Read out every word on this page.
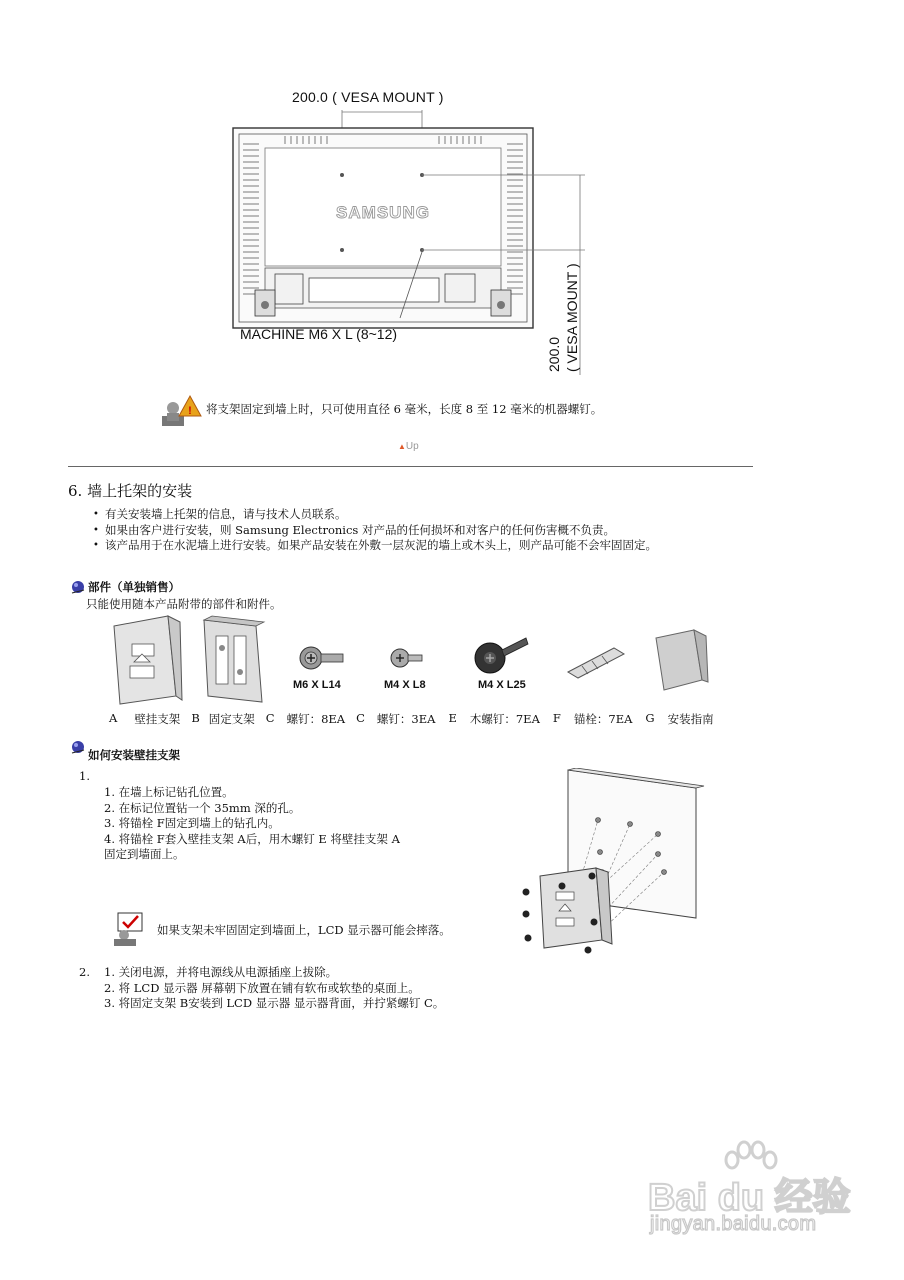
200.0 ( VESA MOUNT )
SAMSUNG
200.0 ( VESA MOUNT )
MACHINE M6 X L (8~12)
! 将支架固定到墙上时，只可使用直径 6 毫米，长度 8 至 12 毫米的机器螺钉。
▲Up
6. 墙上托架的安装
• 有关安装墙上托架的信息，请与技术人员联系。
• 如果由客户进行安装，则 Samsung Electronics 对产品的任何损坏和对客户的任何伤害概不负责。
• 该产品用于在水泥墙上进行安装。如果产品安装在外敷一层灰泥的墙上或木头上，则产品可能不会牢固固定。
部件（单独销售）
只能使用随本产品附带的部件和附件。
M6 X L14	M4 X L8	M4 X L25
A 壁挂支架 B 固定支架 C 螺钉：8EA C 螺钉：3EA E 木螺钉：7EA F 锚栓：7EA G 安装指南
如何安装壁挂支架
1.
1. 在墙上标记钻孔位置。
2. 在标记位置钻一个 35mm 深的孔。
3. 将锚栓 F固定到墙上的钻孔内。
4. 将锚栓 F套入壁挂支架 A后，用木螺钉 E 将壁挂支架 A
固定到墙面上。
如果支架未牢固固定到墙面上，LCD 显示器可能会摔落。
2. 1. 关闭电源，并将电源线从电源插座上拔除。
2. 将 LCD 显示器 屏幕朝下放置在铺有软布或软垫的桌面上。
3. 将固定支架 B安装到 LCD 显示器 显示器背面，并拧紧螺钉 C。
Bai du 经验
jingyan.baidu.com
